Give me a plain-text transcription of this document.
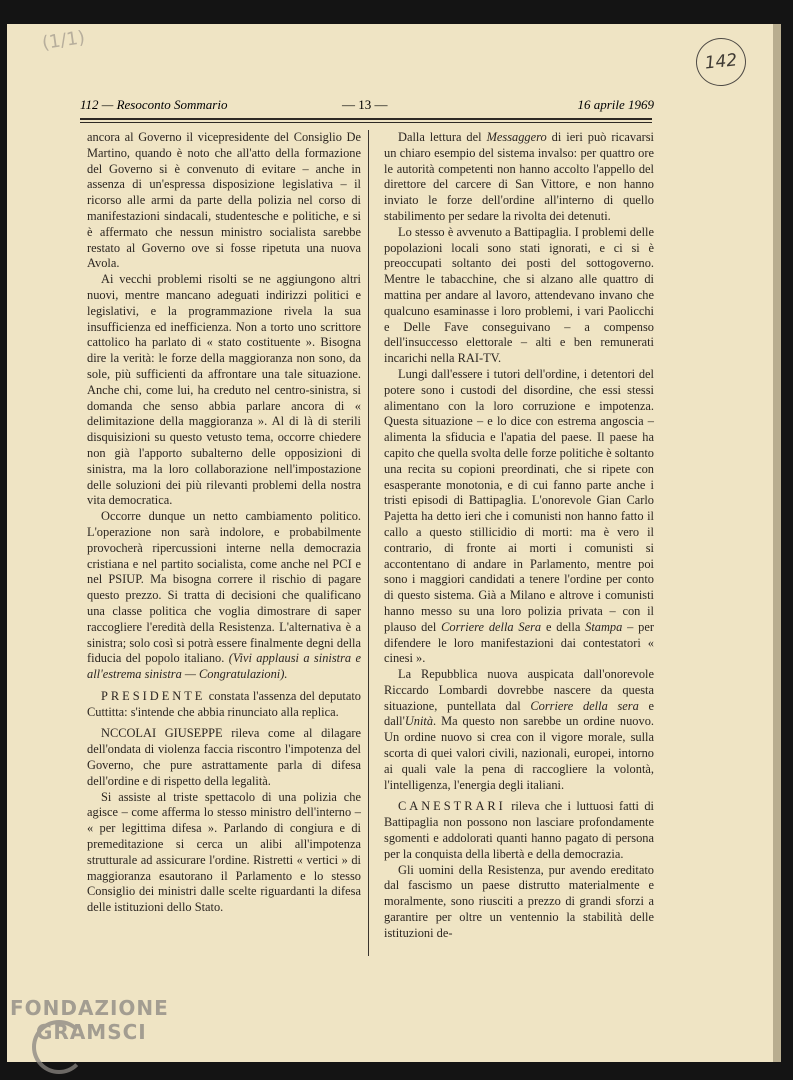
(1/1)
142
112 — Resoconto Sommario	— 13 —	16 aprile 1969

ancora al Governo il vicepresidente del Consiglio De Martino, quando è noto che all'atto della formazione del Governo si è convenuto di evitare – anche in assenza di un'espressa disposizione legislativa – il ricorso alle armi da parte della polizia nel corso di manifestazioni sindacali, studentesche e politiche, e si è affermato che nessun ministro socialista sarebbe restato al Governo ove si fosse ripetuta una nuova Avola.

Ai vecchi problemi risolti se ne aggiungono altri nuovi, mentre mancano adeguati indirizzi politici e legislativi, e la programmazione rivela la sua insufficienza ed inefficienza. Non a torto uno scrittore cattolico ha parlato di « stato costituente ». Bisogna dire la verità: le forze della maggioranza non sono, da sole, più sufficienti da affrontare una tale situazione. Anche chi, come lui, ha creduto nel centro-sinistra, si domanda che senso abbia parlare ancora di « delimitazione della maggioranza ». Al di là di sterili disquisizioni su questo vetusto tema, occorre chiedere non già l'apporto subalterno delle opposizioni di sinistra, ma la loro collaborazione nell'impostazione delle soluzioni dei più rilevanti problemi della nostra vita democratica.

Occorre dunque un netto cambiamento politico. L'operazione non sarà indolore, e probabilmente provocherà ripercussioni interne nella democrazia cristiana e nel partito socialista, come anche nel PCI e nel PSIUP. Ma bisogna correre il rischio di pagare questo prezzo. Si tratta di decisioni che qualificano una classe politica che voglia dimostrare di saper raccogliere l'eredità della Resistenza. L'alternativa è a sinistra; solo così si potrà essere finalmente degni della fiducia del popolo italiano. (Vivi applausi a sinistra e all'estrema sinistra — Congratulazioni).

PRESIDENTE constata l'assenza del deputato Cuttitta: s'intende che abbia rinunciato alla replica.

NCCOLAI GIUSEPPE rileva come al dilagare dell'ondata di violenza faccia riscontro l'impotenza del Governo, che pure astrattamente parla di difesa dell'ordine e di rispetto della legalità.

Si assiste al triste spettacolo di una polizia che agisce – come afferma lo stesso ministro dell'interno – « per legittima difesa ». Parlando di congiura e di premeditazione si cerca un alibi all'impotenza strutturale ad assicurare l'ordine. Ristretti « vertici » di maggioranza esautorano il Parlamento e lo stesso Consiglio dei ministri dalle scelte riguardanti la difesa delle istituzioni dello Stato.

Dalla lettura del Messaggero di ieri può ricavarsi un chiaro esempio del sistema invalso: per quattro ore le autorità competenti non hanno accolto l'appello del direttore del carcere di San Vittore, e non hanno inviato le forze dell'ordine all'interno di quello stabilimento per sedare la rivolta dei detenuti.

Lo stesso è avvenuto a Battipaglia. I problemi delle popolazioni locali sono stati ignorati, e ci si è preoccupati soltanto dei posti del sottogoverno. Mentre le tabacchine, che si alzano alle quattro di mattina per andare al lavoro, attendevano invano che qualcuno esaminasse i loro problemi, i vari Paolicchi e Delle Fave conseguivano – a compenso dell'insuccesso elettorale – alti e ben remunerati incarichi nella RAI-TV.

Lungi dall'essere i tutori dell'ordine, i detentori del potere sono i custodi del disordine, che essi stessi alimentano con la loro corruzione e impotenza. Questa situazione – e lo dice con estrema angoscia – alimenta la sfiducia e l'apatia del paese. Il paese ha capito che quella svolta delle forze politiche è soltanto una recita su copioni preordinati, che si ripete con esasperante monotonia, e di cui fanno parte anche i tristi episodi di Battipaglia. L'onorevole Gian Carlo Pajetta ha detto ieri che i comunisti non hanno fatto il callo a questo stillicidio di morti: ma è vero il contrario, di fronte ai morti i comunisti si accontentano di andare in Parlamento, mentre poi sono i maggiori candidati a tenere l'ordine per conto di questo sistema. Già a Milano e altrove i comunisti hanno messo su una loro polizia privata – con il plauso del Corriere della Sera e della Stampa – per difendere le loro manifestazioni dai contestatori « cinesi ».

La Repubblica nuova auspicata dall'onorevole Riccardo Lombardi dovrebbe nascere da questa situazione, puntellata dal Corriere della sera e dall'Unità. Ma questo non sarebbe un ordine nuovo. Un ordine nuovo si crea con il vigore morale, sulla scorta di quei valori civili, nazionali, europei, intorno ai quali vale la pena di raccogliere la volontà, l'intelligenza, l'energia degli italiani.

CANESTRARI rileva che i luttuosi fatti di Battipaglia non possono non lasciare profondamente sgomenti e addolorati quanti hanno pagato di persona per la conquista della libertà e della democrazia.

Gli uomini della Resistenza, pur avendo ereditato dal fascismo un paese distrutto materialmente e moralmente, sono riusciti a prezzo di grandi sforzi a garantire per oltre un ventennio la stabilità delle istituzioni de-

FONDAZIONE
GRAMSCI
